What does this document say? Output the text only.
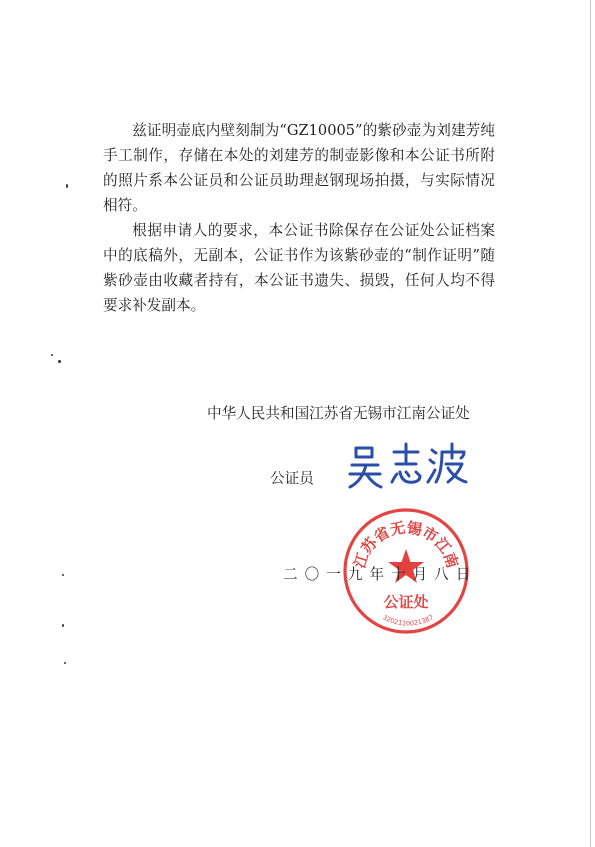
兹证明壶底内壁刻制为“GZ10005”的紫砂壶为刘建芳纯手工制作，存储在本处的刘建芳的制壶影像和本公证书所附的照片系本公证员和公证员助理赵钢现场拍摄，与实际情况相符。

根据申请人的要求，本公证书除保存在公证处公证档案中的底稿外，无副本，公证书作为该紫砂壶的“制作证明”随紫砂壶由收藏者持有，本公证书遗失、损毁，任何人均不得要求补发副本。

中华人民共和国江苏省无锡市江南公证处
公证员
江苏省无锡市江南
公证处
3202110021387
二〇一九年十月八日
